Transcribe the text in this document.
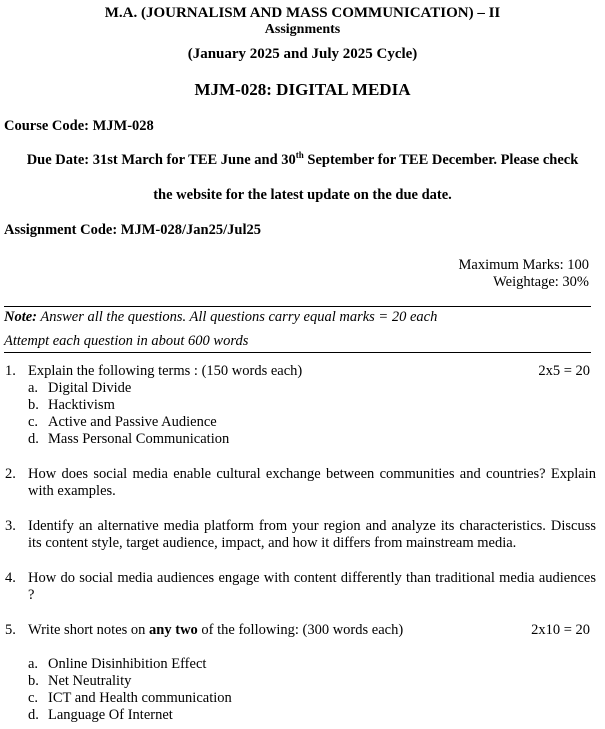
M.A. (JOURNALISM AND MASS COMMUNICATION) – II
Assignments
(January 2025 and July 2025 Cycle)
MJM-028: DIGITAL MEDIA
Course Code: MJM-028
Due Date: 31st March for TEE June and 30th September for TEE December. Please check
the website for the latest update on the due date.
Assignment Code: MJM-028/Jan25/Jul25
Maximum Marks: 100
Weightage: 30%
Note: Answer all the questions. All questions carry equal marks = 20 each
Attempt each question in about 600 words
1. Explain the following terms : (150 words each)	2x5 = 20
a. Digital Divide
b. Hacktivism
c. Active and Passive Audience
d. Mass Personal Communication
2. How does social media enable cultural exchange between communities and countries? Explain with examples.
3. Identify an alternative media platform from your region and analyze its characteristics. Discuss its content style, target audience, impact, and how it differs from mainstream media.
4. How do social media audiences engage with content differently than traditional media audiences ?
5. Write short notes on any two of the following: (300 words each)	2x10 = 20
a. Online Disinhibition Effect
b. Net Neutrality
c. ICT and Health communication
d. Language Of Internet
